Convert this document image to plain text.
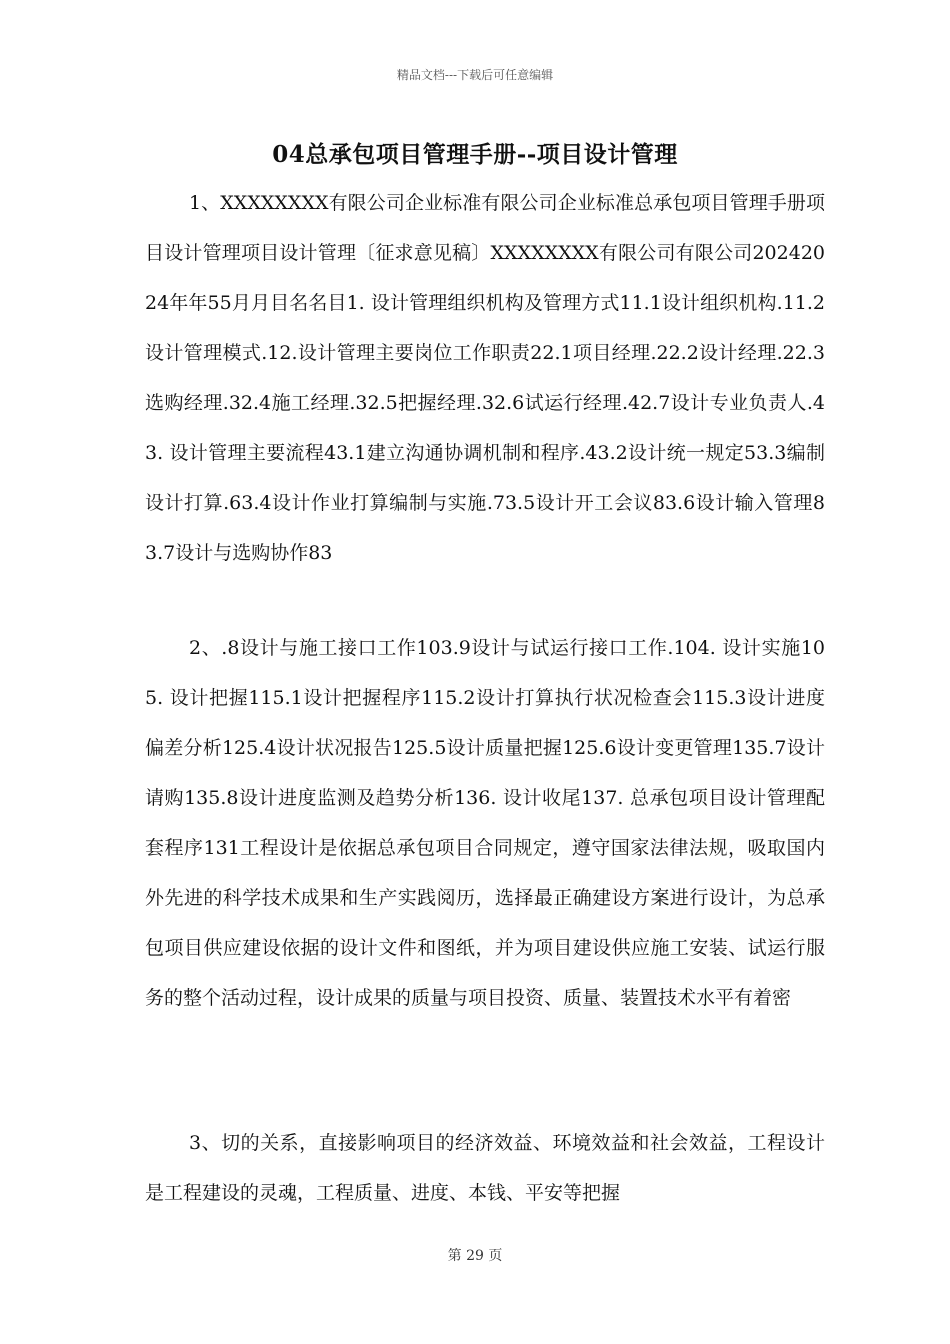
精品文档---下载后可任意编辑
04总承包项目管理手册--项目设计管理

1、XXXXXXXX有限公司企业标准有限公司企业标准总承包项目管理手册项目设计管理项目设计管理〔征求意见稿〕XXXXXXXX有限公司有限公司20242024年年55月月目名名目1. 设计管理组织机构及管理方式11.1设计组织机构.11.2设计管理模式.12.设计管理主要岗位工作职责22.1项目经理.22.2设计经理.22.3选购经理.32.4施工经理.32.5把握经理.32.6试运行经理.42.7设计专业负责人.43. 设计管理主要流程43.1建立沟通协调机制和程序.43.2设计统一规定53.3编制设计打算.63.4设计作业打算编制与实施.73.5设计开工会议83.6设计输入管理83.7设计与选购协作83

2、.8设计与施工接口工作103.9设计与试运行接口工作.104. 设计实施105. 设计把握115.1设计把握程序115.2设计打算执行状况检查会115.3设计进度偏差分析125.4设计状况报告125.5设计质量把握125.6设计变更管理135.7设计请购135.8设计进度监测及趋势分析136. 设计收尾137. 总承包项目设计管理配套程序131工程设计是依据总承包项目合同规定，遵守国家法律法规，吸取国内外先进的科学技术成果和生产实践阅历，选择最正确建设方案进行设计，为总承包项目供应建设依据的设计文件和图纸，并为项目建设供应施工安装、试运行服务的整个活动过程，设计成果的质量与项目投资、质量、装置技术水平有着密

3、切的关系，直接影响项目的经济效益、环境效益和社会效益，工程设计是工程建设的灵魂，工程质量、进度、本钱、平安等把握

第 29 页
